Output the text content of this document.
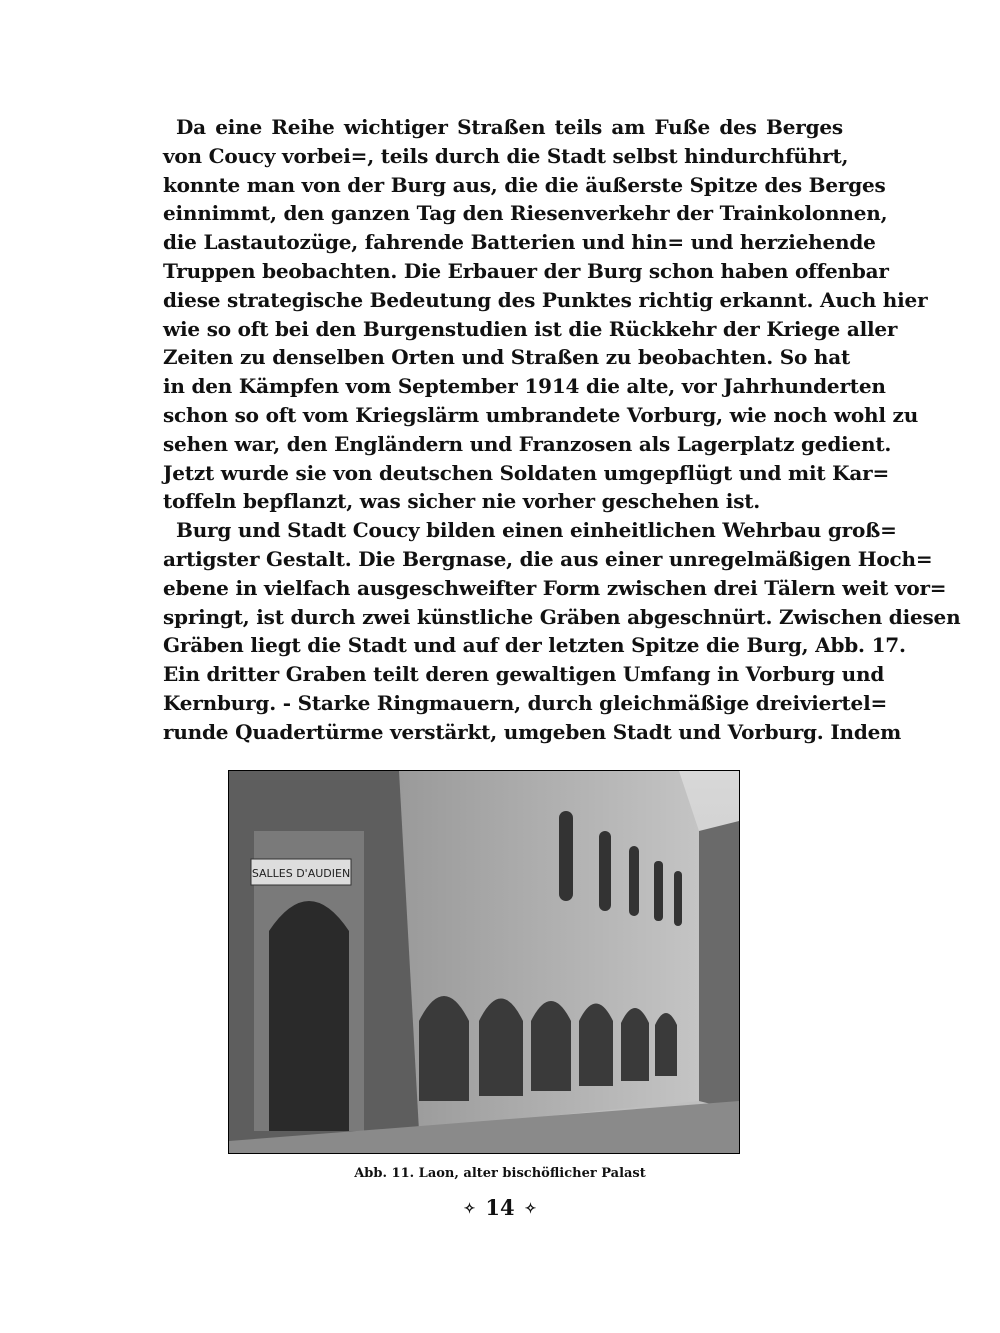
Da eine Reihe wichtiger Straßen teils am Fuße des Berges
von Coucy vorbei=, teils durch die Stadt selbst hindurchführt,
konnte man von der Burg aus, die die äußerste Spitze des Berges
einnimmt, den ganzen Tag den Riesenverkehr der Trainkolonnen,
die Lastautozüge, fahrende Batterien und hin= und herziehende
Truppen beobachten. Die Erbauer der Burg schon haben offenbar
diese strategische Bedeutung des Punktes richtig erkannt. Auch hier
wie so oft bei den Burgenstudien ist die Rückkehr der Kriege aller
Zeiten zu denselben Orten und Straßen zu beobachten. So hat
in den Kämpfen vom September 1914 die alte, vor Jahrhunderten
schon so oft vom Kriegslärm umbrandete Vorburg, wie noch wohl zu
sehen war, den Engländern und Franzosen als Lagerplatz gedient.
Jetzt wurde sie von deutschen Soldaten umgepflügt und mit Kar=
toffeln bepflanzt, was sicher nie vorher geschehen ist.
Burg und Stadt Coucy bilden einen einheitlichen Wehrbau groß=
artigster Gestalt. Die Bergnase, die aus einer unregelmäßigen Hoch=
ebene in vielfach ausgeschweifter Form zwischen drei Tälern weit vor=
springt, ist durch zwei künstliche Gräben abgeschnürt. Zwischen diesen
Gräben liegt die Stadt und auf der letzten Spitze die Burg, Abb. 17.
Ein dritter Graben teilt deren gewaltigen Umfang in Vorburg und
Kernburg. - Starke Ringmauern, durch gleichmäßige dreiviertel=
runde Quadertürme verstärkt, umgeben Stadt und Vorburg. Indem
SALLES D'AUDIEN
Abb. 11. Laon, alter bischöflicher Palast
✧ 14 ✧
